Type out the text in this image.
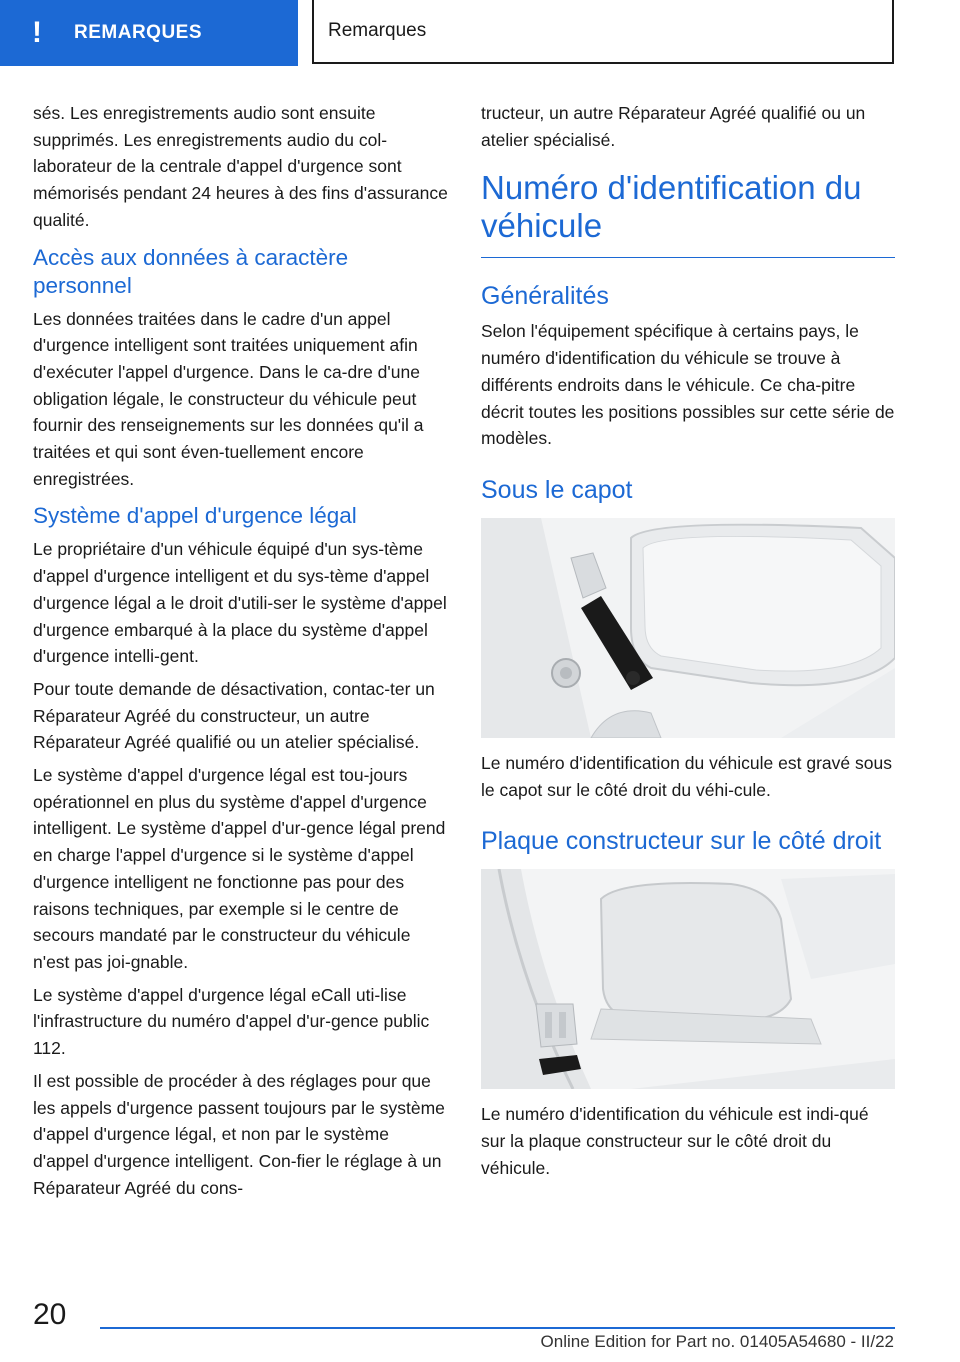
!	REMARQUES	Remarques

sés. Les enregistrements audio sont ensuite supprimés. Les enregistrements audio du col‐laborateur de la centrale d'appel d'urgence sont mémorisés pendant 24 heures à des fins d'assurance qualité.

Accès aux données à caractère personnel

Les données traitées dans le cadre d'un appel d'urgence intelligent sont traitées uniquement afin d'exécuter l'appel d'urgence. Dans le ca‐dre d'une obligation légale, le constructeur du véhicule peut fournir des renseignements sur les données qu'il a traitées et qui sont éven‐tuellement encore enregistrées.

Système d'appel d'urgence légal

Le propriétaire d'un véhicule équipé d'un sys‐tème d'appel d'urgence intelligent et du sys‐tème d'appel d'urgence légal a le droit d'utili‐ser le système d'appel d'urgence embarqué à la place du système d'appel d'urgence intelli‐gent.

Pour toute demande de désactivation, contac‐ter un Réparateur Agréé du constructeur, un autre Réparateur Agréé qualifié ou un atelier spécialisé.

Le système d'appel d'urgence légal est tou‐jours opérationnel en plus du système d'appel d'urgence intelligent. Le système d'appel d'ur‐gence légal prend en charge l'appel d'urgence si le système d'appel d'urgence intelligent ne fonctionne pas pour des raisons techniques, par exemple si le centre de secours mandaté par le constructeur du véhicule n'est pas joi‐gnable.

Le système d'appel d'urgence légal eCall uti‐lise l'infrastructure du numéro d'appel d'ur‐gence public 112.

Il est possible de procéder à des réglages pour que les appels d'urgence passent toujours par le système d'appel d'urgence légal, et non par le système d'appel d'urgence intelligent. Con‐fier le réglage à un Réparateur Agréé du cons‐

tructeur, un autre Réparateur Agréé qualifié ou un atelier spécialisé.

Numéro d'identification du véhicule
Généralités

Selon l'équipement spécifique à certains pays, le numéro d'identification du véhicule se trouve à différents endroits dans le véhicule. Ce cha‐pitre décrit toutes les positions possibles sur cette série de modèles.

Sous le capot

Le numéro d'identification du véhicule est gravé sous le capot sur le côté droit du véhi‐cule.

Plaque constructeur sur le côté droit

Le numéro d'identification du véhicule est indi‐qué sur la plaque constructeur sur le côté droit du véhicule.

20
Online Edition for Part no. 01405A54680 - II/22
